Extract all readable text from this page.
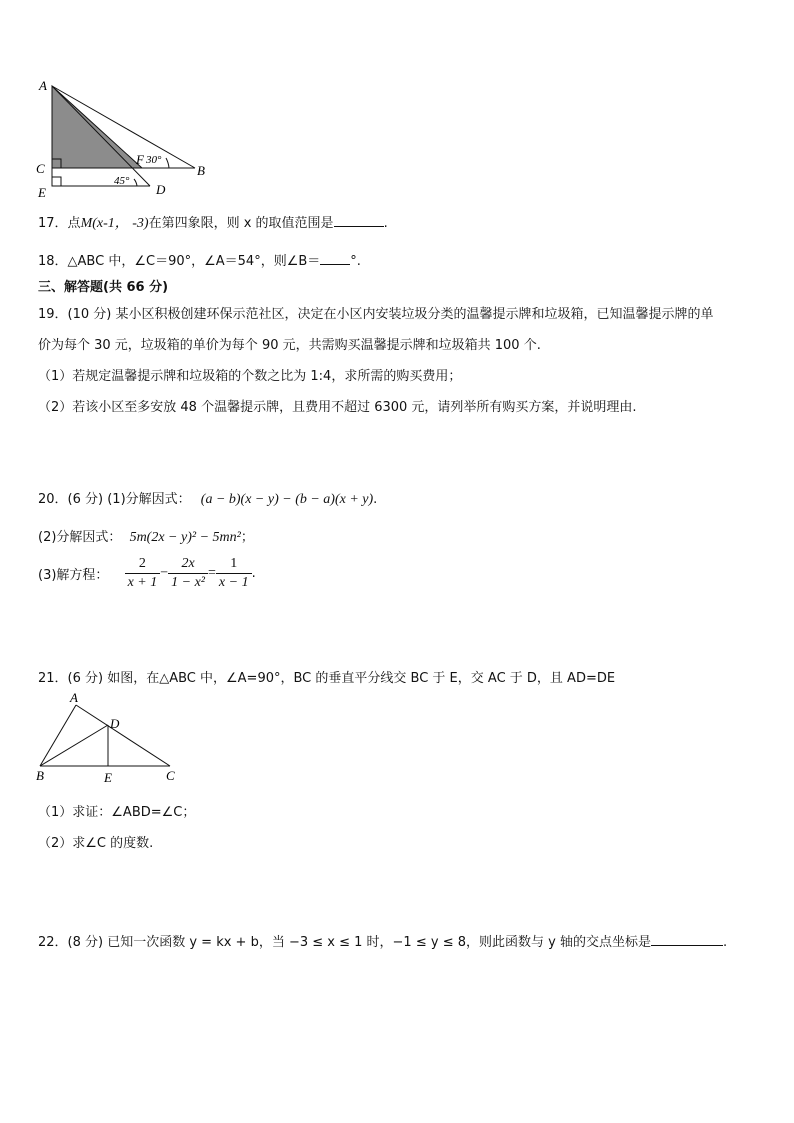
A
C
E
F
B
D
30°
45°
17．点M(x-1， -3)在第四象限，则 x 的取值范围是	.
18．△ABC 中，∠C＝90°，∠A＝54°，则∠B＝ °.
三、解答题(共 66 分)
19．(10 分) 某小区积极创建环保示范社区，决定在小区内安装垃圾分类的温馨提示牌和垃圾箱，已知温馨提示牌的单
价为每个 30 元，垃圾箱的单价为每个 90 元，共需购买温馨提示牌和垃圾箱共 100 个.
（1）若规定温馨提示牌和垃圾箱的个数之比为 1:4，求所需的购买费用；
（2）若该小区至多安放 48 个温馨提示牌，且费用不超过 6300 元，请列举所有购买方案，并说明理由.
20．(6 分) (1)分解因式： (a − b)(x − y) − (b − a)(x + y).
(2)分解因式： 5m(2x − y)² − 5mn²；
(3)解方程： $\frac{2}{x + 1} - \frac{2x}{\text{1 − x²}} = \frac{1}{x - 1}$ .
21．(6 分) 如图，在△ABC 中，∠A=90°，BC 的垂直平分线交 BC 于 E，交 AC 于 D，且 AD=DE
A
D
B	E	C
（1）求证：∠ABD=∠C；
（2）求∠C 的度数.
22．(8 分) 已知一次函数 y = kx + b，当 −3 ≤ x ≤ 1 时，−1 ≤ y ≤ 8，则此函数与 y 轴的交点坐标是	.
